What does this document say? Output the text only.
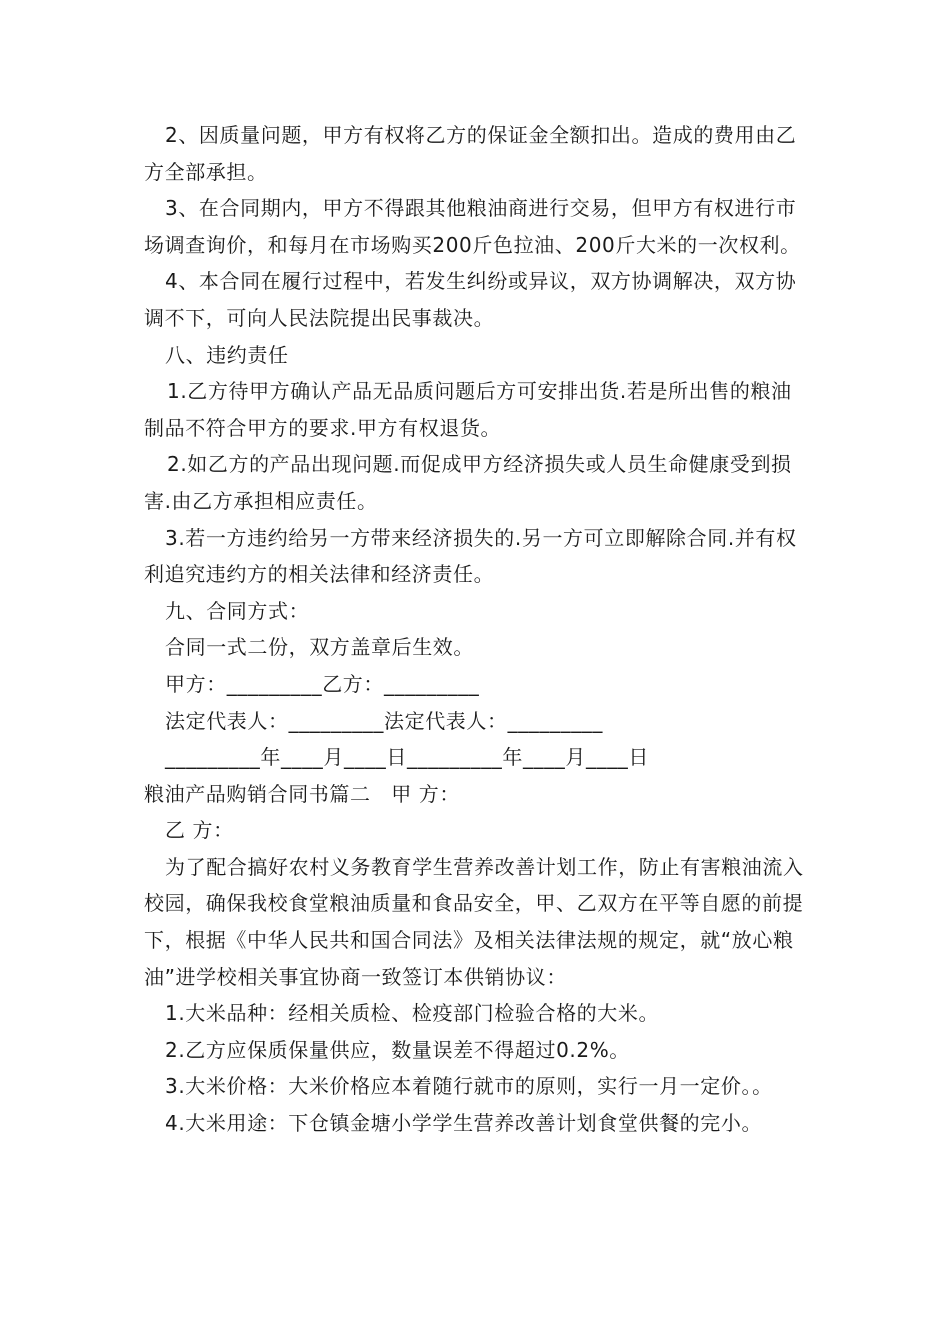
2、因质量问题，甲方有权将乙方的保证金全额扣出。造成的费用由乙方全部承担。

3、在合同期内，甲方不得跟其他粮油商进行交易，但甲方有权进行市场调查询价，和每月在市场购买200斤色拉油、200斤大米的一次权利。

4、本合同在履行过程中，若发生纠纷或异议，双方协调解决，双方协调不下，可向人民法院提出民事裁决。

八、违约责任

1.乙方待甲方确认产品无品质问题后方可安排出货.若是所出售的粮油制品不符合甲方的要求.甲方有权退货。

2.如乙方的产品出现问题.而促成甲方经济损失或人员生命健康受到损害.由乙方承担相应责任。

3.若一方违约给另一方带来经济损失的.另一方可立即解除合同.并有权利追究违约方的相关法律和经济责任。

九、合同方式：

合同一式二份，双方盖章后生效。

甲方：_________乙方：_________

法定代表人：_________法定代表人：_________

_________年____月____日_________年____月____日

粮油产品购销合同书篇二　甲 方：

乙 方：

为了配合搞好农村义务教育学生营养改善计划工作，防止有害粮油流入校园，确保我校食堂粮油质量和食品安全，甲、乙双方在平等自愿的前提下，根据《中华人民共和国合同法》及相关法律法规的规定，就“放心粮油”进学校相关事宜协商一致签订本供销协议：

1.大米品种：经相关质检、检疫部门检验合格的大米。

2.乙方应保质保量供应，数量误差不得超过0.2%。

3.大米价格：大米价格应本着随行就市的原则，实行一月一定价。。

4.大米用途：下仓镇金塘小学学生营养改善计划食堂供餐的完小。
